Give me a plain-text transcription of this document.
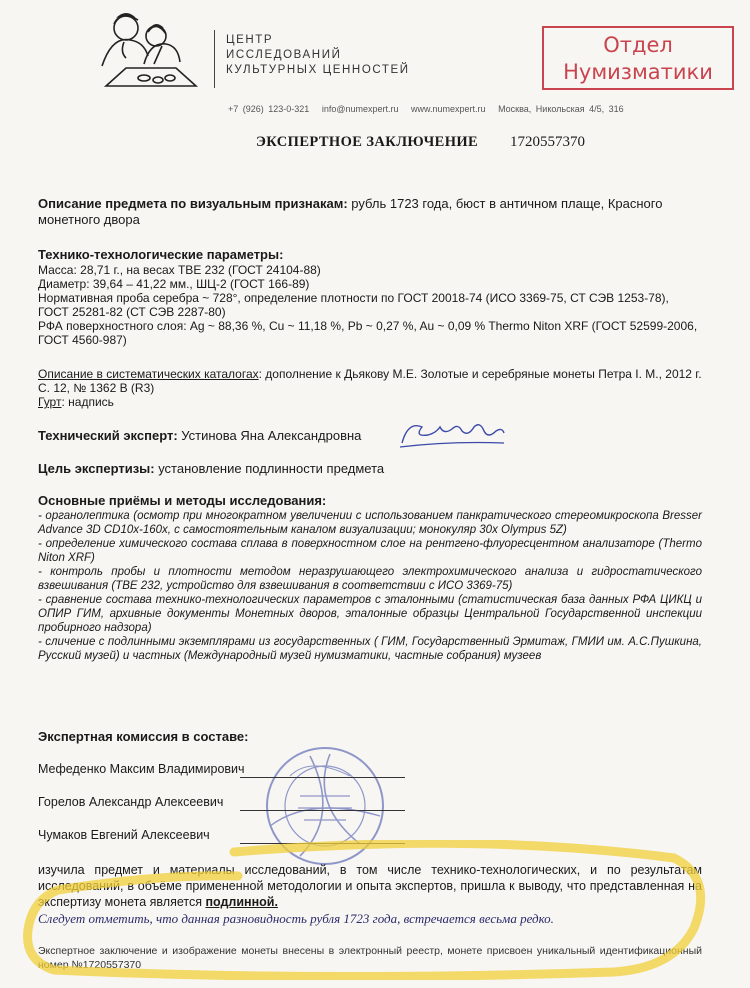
ЦЕНТР
ИССЛЕДОВАНИЙ
КУЛЬТУРНЫХ ЦЕННОСТЕЙ
Отдел
Нумизматики
+7 (926) 123-0-321 info@numexpert.ru www.numexpert.ru Москва, Никольская 4/5, 316
ЭКСПЕРТНОЕ ЗАКЛЮЧЕНИЕ 1720557370
Описание предмета по визуальным признакам: рубль 1723 года, бюст в античном плаще, Красного монетного двора
Технико-технологические параметры:
Масса: 28,71 г., на весах ТВЕ 232 (ГОСТ 24104-88)
Диаметр: 39,64 – 41,22 мм., ШЦ-2 (ГОСТ 166-89)
Нормативная проба серебра ~ 728°, определение плотности по ГОСТ 20018-74 (ИСО 3369-75, СТ СЭВ 1253-78), ГОСТ 25281-82 (СТ СЭВ 2287-80)
РФА поверхностного слоя: Ag ~ 88,36 %, Cu ~ 11,18 %, Pb ~ 0,27 %, Au ~ 0,09 % Thermo Niton XRF (ГОСТ 52599-2006, ГОСТ 4560-987)
Описание в систематических каталогах: дополнение к Дьякову М.Е. Золотые и серебряные монеты Петра I. М., 2012 г. С. 12, № 1362 В (R3)
Гурт: надпись
Технический эксперт: Устинова Яна Александровна
Цель экспертизы: установление подлинности предмета
Основные приёмы и методы исследования:
- органолептика (осмотр при многократном увеличении с использованием панкратического стереомикроскопа Bresser Advance 3D CD10x-160x, с самостоятельным каналом визуализации; монокуляр 30х Olympus 5Z)
- определение химического состава сплава в поверхностном слое на рентгено-флуоресцентном анализаторе (Thermo Niton XRF)
- контроль пробы и плотности методом неразрушающего электрохимического анализа и гидростатического взвешивания (ТВЕ 232, устройство для взвешивания в соответствии с ИСО 3369-75)
- сравнение состава технико-технологических параметров с эталонными (статистическая база данных РФА ЦИКЦ и ОПИР ГИМ, архивные документы Монетных дворов, эталонные образцы Центральной Государственной инспекции пробирного надзора)
- сличение с подлинными экземплярами из государственных ( ГИМ, Государственный Эрмитаж, ГМИИ им. А.С.Пушкина, Русский музей) и частных (Международный музей нумизматики, частные собрания) музеев
Экспертная комиссия в составе:
Мефеденко Максим Владимирович
Горелов Александр Алексеевич
Чумаков Евгений Алексеевич
изучила предмет и материалы исследований, в том числе технико-технологических, и по результатам исследований, в объёме примененной методологии и опыта экспертов, пришла к выводу, что представленная на экспертизу монета является подлинной.
Следует отметить, что данная разновидность рубля 1723 года, встречается весьма редко.
Экспертное заключение и изображение монеты внесены в электронный реестр, монете присвоен уникальный идентификационный номер №1720557370
